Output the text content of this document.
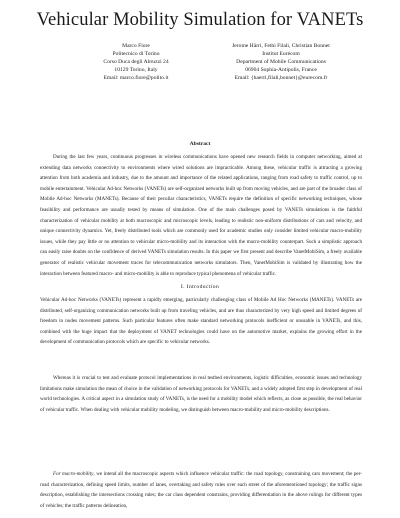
Vehicular Mobility Simulation for VANETs
Marco Fiore
Politecnico di Torino
Corso Duca degli Abruzzi 24
10129 Torino, Italy
Email: marco.fiore@polito.it
Jerome Härri, Fethi Filali, Christian Bonnet
Institut Eurécom
Department of Mobile Communications
06904 Sophia-Antipolis, France
Email: {haerri,filali,bonnet}@eurecom.fr
Abstract

During the last few years, continuous progresses in wireless communications have opened new research fields in computer networking, aimed at extending data networks connectivity to environments where wired solutions are impracticable. Among these, vehicular traffic is attracting a growing attention from both academia and industry, due to the amount and importance of the related applications, ranging from road safety to traffic control, up to mobile entertainment. Vehicular Ad-hoc Networks (VANETs) are self-organized networks built up from moving vehicles, and are part of the broader class of Mobile Ad-hoc Networks (MANETs). Because of their peculiar characteristics, VANETs require the definition of specific networking techniques, whose feasibility and performance are usually tested by means of simulation. One of the main challenges posed by VANETs simulations is the faithful characterization of vehicular mobility at both macroscopic and microscopic levels, leading to realistic non-uniform distributions of cars and velocity, and unique connectivity dynamics. Yet, freely distributed tools which are commonly used for academic studies only consider limited vehicular macro-mobility issues, while they pay little or no attention to vehicular micro-mobility and its interaction with the macro-mobility counterpart. Such a simplistic approach can easily raise doubts on the confidence of derived VANETs simulation results. In this paper we first present and describe VanetMobiSim, a freely available generator of realistic vehicular movement traces for telecommunication networks simulators. Then, VanetMobiSim is validated by illustrating how the interaction between featured macro- and micro-mobility is able to reproduce typical phenomena of vehicular traffic.

I. Introduction

Vehicular Ad-hoc Networks (VANETs) represent a rapidly emerging, particularly challenging class of Mobile Ad Hoc Networks (MANETs). VANETs are distributed, self-organizing communication networks built up from traveling vehicles, and are thus characterized by very high speed and limited degrees of freedom in nodes movement patterns. Such particular features often make standard networking protocols inefficient or unusable in VANETs, and this, combined with the huge impact that the deployment of VANET technologies could have on the automotive market, explains the growing effort in the development of communication protocols which are specific to vehicular networks.

Whereas it is crucial to test and evaluate protocol implementations in real testbed environments, logistic difficulties, economic issues and technology limitations make simulation the mean of choice in the validation of networking protocols for VANETs, and a widely adopted first step in development of real world technologies. A critical aspect in a simulation study of VANETs, is the need for a mobility model which reflects, as close as possible, the real behavior of vehicular traffic. When dealing with vehicular mobility modeling, we distinguish between macro-mobility and micro-mobility descriptions.

For macro-mobility, we intend all the macroscopic aspects which influence vehicular traffic: the road topology, constraining cars movement; the per-road characterization, defining speed limits, number of lanes, overtaking and safety rules over each street of the aforementioned topology; the traffic signs description, establishing the intersections crossing rules; the car class dependent constrains, providing differentiation in the above rulings for different types of vehicles; the traffic patterns delineation,
